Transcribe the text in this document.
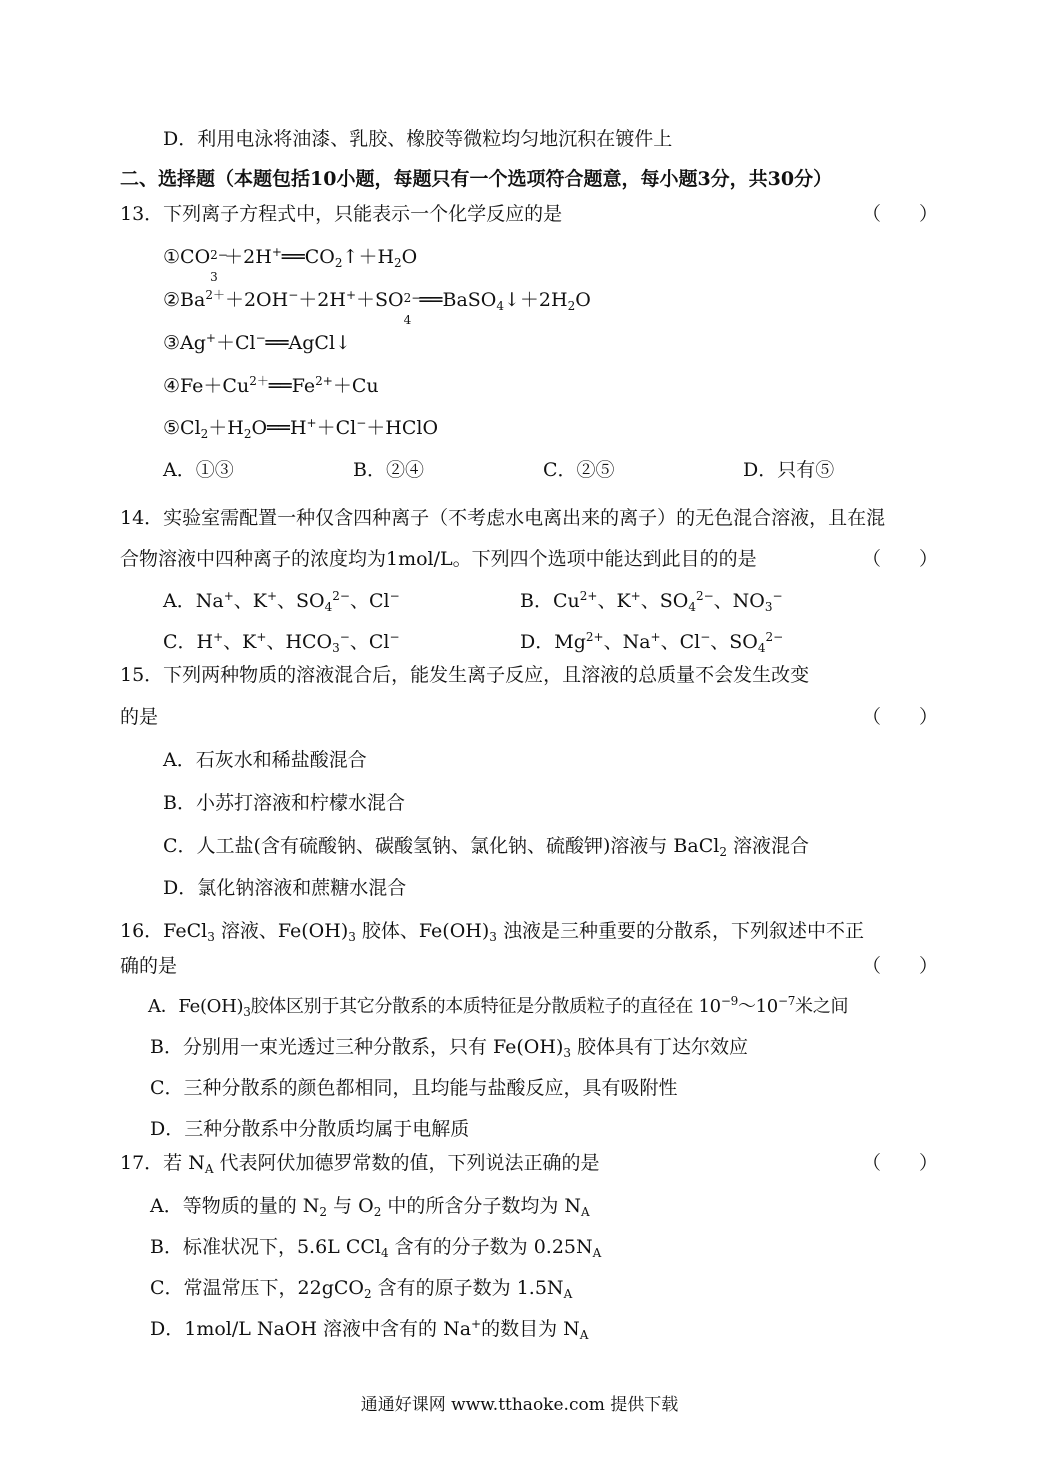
D．利用电泳将油漆、乳胶、橡胶等微粒均匀地沉积在镀件上
二、选择题（本题包括10小题，每题只有一个选项符合题意，每小题3分，共30分）
13．下列离子方程式中，只能表示一个化学反应的是	（　　）
①CO 2−
3
$+2H^+══CO_2↑+H_2O$
$②Ba^{2+}+2OH^-+2H^++SO$ 2−
4
$══BaSO_4↓+2H_2O$
③Ag+＋Cl−══AgCl↓
$④Fe+Cu^{2+}══Fe^{2+}+Cu$
$⑤Cl_2+H_2O══H^++Cl^-+HClO$
A．①③	B．②④	C．②⑤	D．只有⑤
14．实验室需配置一种仅含四种离子（不考虑水电离出来的离子）的无色混合溶液，且在混
合物溶液中四种离子的浓度均为1mol/L。下列四个选项中能达到此目的的是	（　　）
A．Na+、K+、$SO_4^{2-}$、Cl−	B．$Cu^{2+}$、K+、$SO_4^{2-}$、$NO_3^-$
C．H+、K+、$HCO_3^-$、Cl−	D．$Mg^{2+}$、Na+、Cl−、$SO_4^{2-}$
15．下列两种物质的溶液混合后，能发生离子反应，且溶液的总质量不会发生改变
的是	（　　）
A．石灰水和稀盐酸混合
B．小苏打溶液和柠檬水混合
C．人工盐(含有硫酸钠、碳酸氢钠、氯化钠、硫酸钾)溶液与 BaCl$_2$ 溶液混合
D．氯化钠溶液和蔗糖水混合
16．FeCl$_3$ 溶液、$Fe(OH)_3$ 胶体、$Fe(OH)_3$ 浊液是三种重要的分散系，下列叙述中不正
确的是	（　　）
A．$Fe(OH)_3$胶体区别于其它分散系的本质特征是分散质粒子的直径在 $10^{-9}\sim 10^{-7}$米之间
B．分别用一束光透过三种分散系，只有 $Fe(OH)_3$ 胶体具有丁达尔效应
C．三种分散系的颜色都相同，且均能与盐酸反应，具有吸附性
D．三种分散系中分散质均属于电解质
17．若 $N_A$ 代表阿伏加德罗常数的值，下列说法正确的是	（　　）
A．等物质的量的 $N_2$ 与 $O_2$ 中的所含分子数均为 $N_A$
B．标准状况下，5.6L CCl$_4$ 含有的分子数为 $0.25N_A$
C．常温常压下，22gCO$_2$ 含有的原子数为 $1.5N_A$
D．1mol/L NaOH 溶液中含有的 Na+的数目为 $N_A$
通通好课网 www.tthaoke.com 提供下载
